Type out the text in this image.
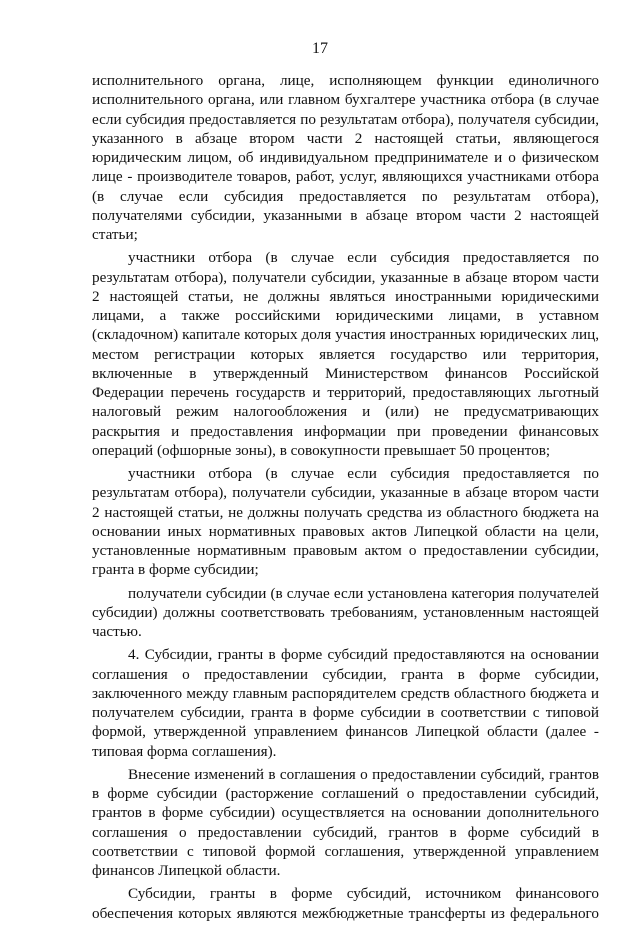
17

исполнительного органа, лице, исполняющем функции единоличного исполнительного органа, или главном бухгалтере участника отбора (в случае если субсидия предоставляется по результатам отбора), получателя субсидии, указанного в абзаце втором части 2 настоящей статьи, являющегося юридическим лицом, об индивидуальном предпринимателе и о физическом лице - производителе товаров, работ, услуг, являющихся участниками отбора (в случае если субсидия предоставляется по результатам отбора), получателями субсидии, указанными в абзаце втором части 2 настоящей статьи;

участники отбора (в случае если субсидия предоставляется по результатам отбора), получатели субсидии, указанные в абзаце втором части 2 настоящей статьи, не должны являться иностранными юридическими лицами, а также российскими юридическими лицами, в уставном (складочном) капитале которых доля участия иностранных юридических лиц, местом регистрации которых является государство или территория, включенные в утвержденный Министерством финансов Российской Федерации перечень государств и территорий, предоставляющих льготный налоговый режим налогообложения и (или) не предусматривающих раскрытия и предоставления информации при проведении финансовых операций (офшорные зоны), в совокупности превышает 50 процентов;

участники отбора (в случае если субсидия предоставляется по результатам отбора), получатели субсидии, указанные в абзаце втором части 2 настоящей статьи, не должны получать средства из областного бюджета на основании иных нормативных правовых актов Липецкой области на цели, установленные нормативным правовым актом о предоставлении субсидии, гранта в форме субсидии;

получатели субсидии (в случае если установлена категория получателей субсидии) должны соответствовать требованиям, установленным настоящей частью.

4. Субсидии, гранты в форме субсидий предоставляются на основании соглашения о предоставлении субсидии, гранта в форме субсидии, заключенного между главным распорядителем средств областного бюджета и получателем субсидии, гранта в форме субсидии в соответствии с типовой формой, утвержденной управлением финансов Липецкой области (далее - типовая форма соглашения).

Внесение изменений в соглашения о предоставлении субсидий, грантов в форме субсидии (расторжение соглашений о предоставлении субсидий, грантов в форме субсидии) осуществляется на основании дополнительного соглашения о предоставлении субсидий, грантов в форме субсидий в соответствии с типовой формой соглашения, утвержденной управлением финансов Липецкой области.

Субсидии, гранты в форме субсидий, источником финансового обеспечения которых являются межбюджетные трансферты из федерального
